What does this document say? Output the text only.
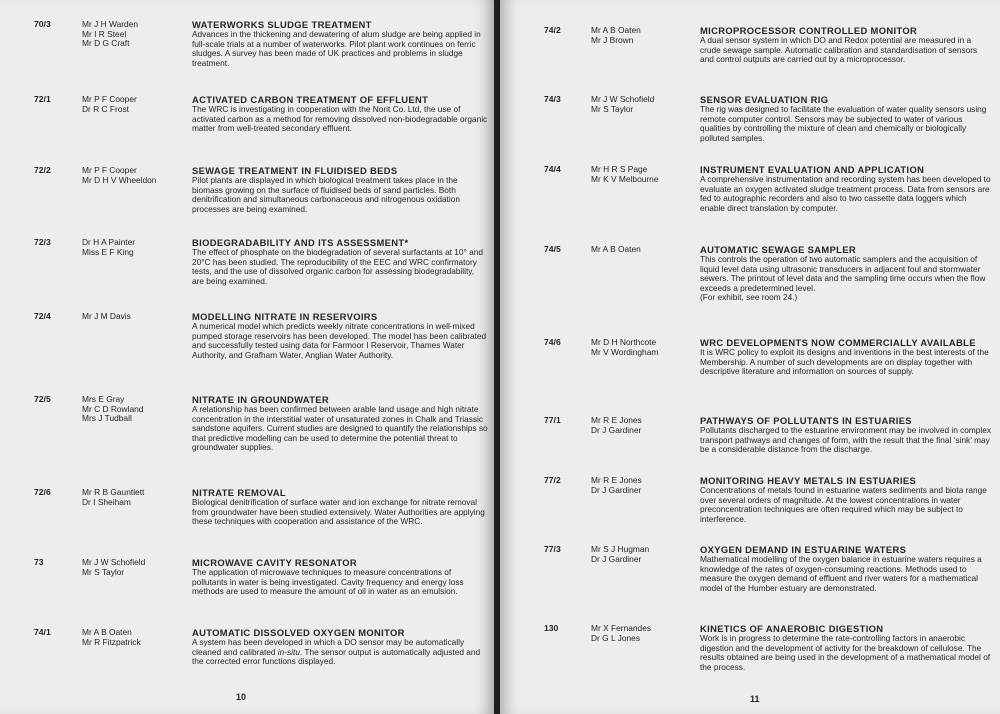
70/3	Mr J H Warden
Mr I R Steel
Mr D G Craft
WATERWORKS SLUDGE TREATMENT
Advances in the thickening and dewatering of alum sludge are being applied in full-scale trials at a number of waterworks. Pilot plant work continues on ferric sludges. A survey has been made of UK practices and problems in sludge treatment.
72/1	Mr P F Cooper
Dr R C Frost
ACTIVATED CARBON TREATMENT OF EFFLUENT
The WRC is investigating in cooperation with the Norit Co. Ltd, the use of activated carbon as a method for removing dissolved non-biodegradable organic matter from well-treated secondary effluent.
72/2	Mr P F Cooper
Mr D H V Wheeldon
SEWAGE TREATMENT IN FLUIDISED BEDS
Pilot plants are displayed in which biological treatment takes place in the biomass growing on the surface of fluidised beds of sand particles. Both denitrification and simultaneous carbonaceous and nitrogenous oxidation processes are being examined.
72/3	Dr H A Painter
Miss E F King
BIODEGRADABILITY AND ITS ASSESSMENT*
The effect of phosphate on the biodegradation of several surfactants at 10° and 20°C has been studied. The reproducibility of the EEC and WRC confirmatory tests, and the use of dissolved organic carbon for assessing biodegradability, are being examined.
72/4	Mr J M Davis	MODELLING NITRATE IN RESERVOIRS
A numerical model which predicts weekly nitrate concentrations in well-mixed pumped storage reservoirs has been developed. The model has been calibrated and successfully tested using data for Farmoor I Reservoir, Thames Water Authority, and Grafham Water, Anglian Water Authority.
72/5	Mrs E Gray
Mr C D Rowland
Mrs J Tudball
NITRATE IN GROUNDWATER
A relationship has been confirmed between arable land usage and high nitrate concentration in the interstitial water of unsaturated zones in Chalk and Triassic sandstone aquifers. Current studies are designed to quantify the relationships so that predictive modelling can be used to determine the potential threat to groundwater supplies.
72/6	Mr R B Gauntlett
Dr I Sheiham
NITRATE REMOVAL
Biological denitrification of surface water and ion exchange for nitrate removal from groundwater have been studied extensively. Water Authorities are applying these techniques with cooperation and assistance of the WRC.
73	Mr J W Schofield
Mr S Taylor
MICROWAVE CAVITY RESONATOR
The application of microwave techniques to measure concentrations of pollutants in water is being investigated. Cavity frequency and energy loss methods are used to measure the amount of oil in water as an emulsion.
74/1	Mr A B Oaten
Mr R Fitzpatrick
AUTOMATIC DISSOLVED OXYGEN MONITOR
A system has been developed in which a DO sensor may be automatically cleaned and calibrated in-situ. The sensor output is automatically adjusted and the corrected error functions displayed.
10
74/2	Mr A B Oaten
Mr J Brown
MICROPROCESSOR CONTROLLED MONITOR
A dual sensor system in which DO and Redox potential are measured in a crude sewage sample. Automatic calibration and standardisation of sensors and control outputs are carried out by a microprocessor.
74/3	Mr J W Schofield
Mr S Taylor
SENSOR EVALUATION RIG
The rig was designed to facilitate the evaluation of water quality sensors using remote computer control. Sensors may be subjected to water of various qualities by controlling the mixture of clean and chemically or biologically polluted samples.
74/4	Mr H R S Page
Mr K V Melbourne
INSTRUMENT EVALUATION AND APPLICATION
A comprehensive instrumentation and recording system has been developed to evaluate an oxygen activated sludge treatment process. Data from sensors are fed to autographic recorders and also to two cassette data loggers which enable direct translation by computer.
74/5	Mr A B Oaten	AUTOMATIC SEWAGE SAMPLER
This controls the operation of two automatic samplers and the acquisition of liquid level data using ultrasonic transducers in adjacent foul and stormwater sewers. The printout of level data and the sampling time occurs when the flow exceeds a predetermined level.
(For exhibit, see room 24.)
74/6	Mr D H Northcote
Mr V Wordingham
WRC DEVELOPMENTS NOW COMMERCIALLY AVAILABLE
It is WRC policy to exploit its designs and inventions in the best interests of the Membership. A number of such developments are on display together with descriptive literature and information on sources of supply.
77/1	Mr R E Jones
Dr J Gardiner
PATHWAYS OF POLLUTANTS IN ESTUARIES
Pollutants discharged to the estuarine environment may be involved in complex transport pathways and changes of form, with the result that the final ‘sink’ may be a considerable distance from the discharge.
77/2	Mr R E Jones
Dr J Gardiner
MONITORING HEAVY METALS IN ESTUARIES
Concentrations of metals found in estuarine waters sediments and biota range over several orders of magnitude. At the lowest concentrations in water preconcentration techniques are often required which may be subject to interference.
77/3	Mr S J Hugman
Dr J Gardiner
OXYGEN DEMAND IN ESTUARINE WATERS
Mathematical modelling of the oxygen balance in estuarine waters requires a knowledge of the rates of oxygen-consuming reactions. Methods used to measure the oxygen demand of effluent and river waters for a mathematical model of the Humber estuary are demonstrated.
130	Mr X Fernandes
Dr G L Jones
KINETICS OF ANAEROBIC DIGESTION
Work is in progress to determine the rate-controlling factors in anaerobic digestion and the development of activity for the breakdown of cellulose. The results obtained are being used in the development of a mathematical model of the process.
11
